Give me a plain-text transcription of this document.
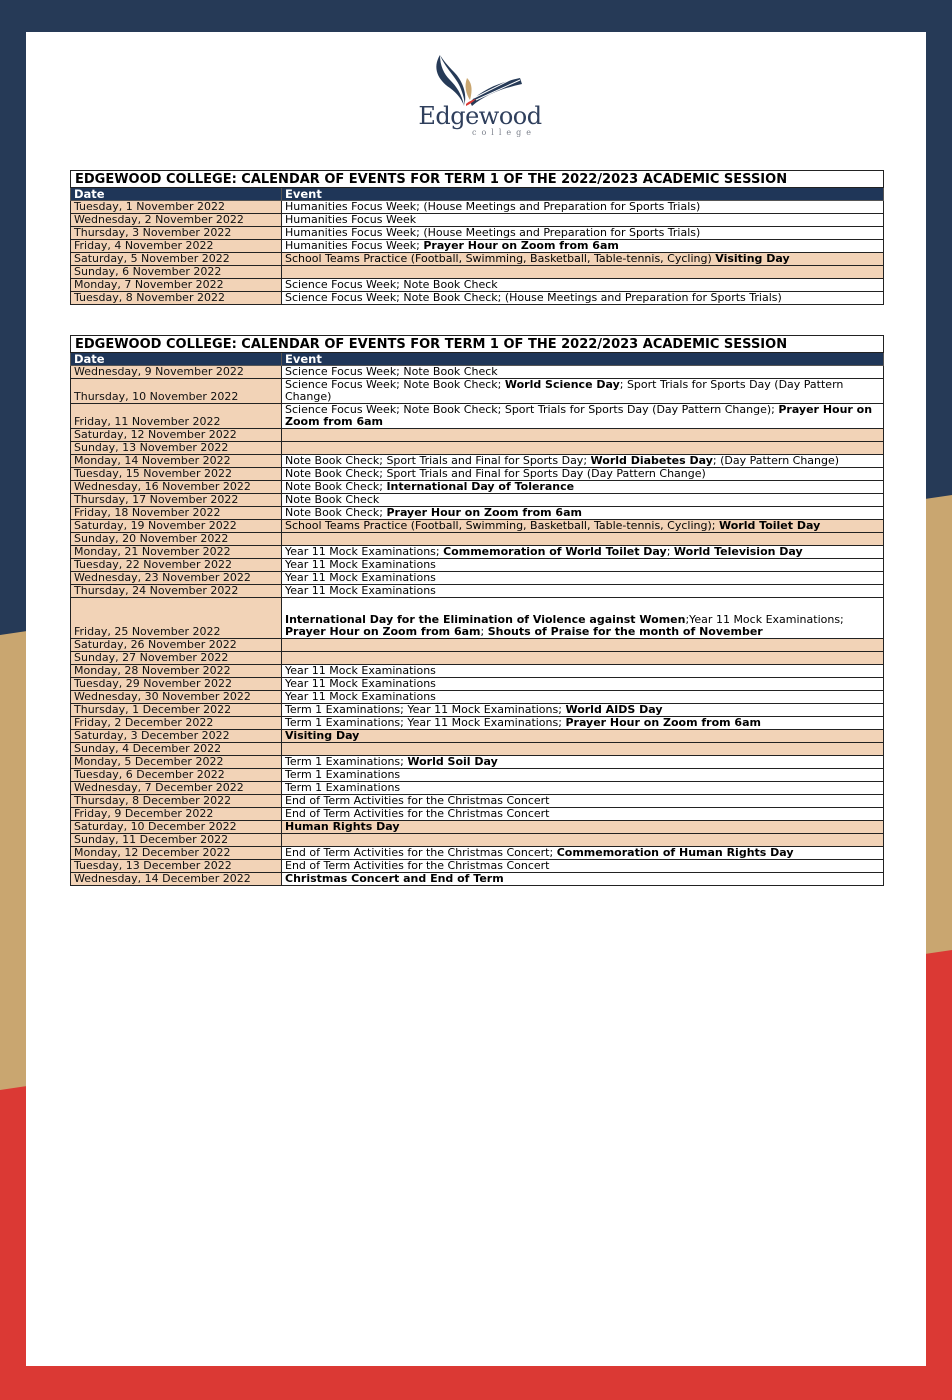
Edgewood
college
EDGEWOOD COLLEGE: CALENDAR OF EVENTS FOR TERM 1 OF THE 2022/2023 ACADEMIC SESSION	
Date	Event
Tuesday, 1 November 2022	Humanities Focus Week; (House Meetings and Preparation for Sports Trials)
Wednesday, 2 November 2022	Humanities Focus Week
Thursday, 3 November 2022	Humanities Focus Week; (House Meetings and Preparation for Sports Trials)
Friday, 4 November 2022	Humanities Focus Week; Prayer Hour on Zoom from 6am
Saturday, 5 November 2022	School Teams Practice (Football, Swimming, Basketball, Table-tennis, Cycling) Visiting Day
Sunday, 6 November 2022	
Monday, 7 November 2022	Science Focus Week; Note Book Check
Tuesday, 8 November 2022	Science Focus Week; Note Book Check; (House Meetings and Preparation for Sports Trials)
EDGEWOOD COLLEGE: CALENDAR OF EVENTS FOR TERM 1 OF THE 2022/2023 ACADEMIC SESSION	
Date	Event
Wednesday, 9 November 2022	Science Focus Week; Note Book Check
Thursday, 10 November 2022	Science Focus Week; Note Book Check; World Science Day; Sport Trials for Sports Day (Day Pattern Change)
Friday, 11 November 2022	Science Focus Week; Note Book Check; Sport Trials for Sports Day (Day Pattern Change); Prayer Hour on Zoom from 6am
Saturday, 12 November 2022	
Sunday, 13 November 2022	
Monday, 14 November 2022	Note Book Check; Sport Trials and Final for Sports Day; World Diabetes Day; (Day Pattern Change)
Tuesday, 15 November 2022	Note Book Check; Sport Trials and Final for Sports Day (Day Pattern Change)
Wednesday, 16 November 2022	Note Book Check; International Day of Tolerance
Thursday, 17 November 2022	Note Book Check
Friday, 18 November 2022	Note Book Check; Prayer Hour on Zoom from 6am
Saturday, 19 November 2022	School Teams Practice (Football, Swimming, Basketball, Table-tennis, Cycling); World Toilet Day
Sunday, 20 November 2022	
Monday, 21 November 2022	Year 11 Mock Examinations; Commemoration of World Toilet Day; World Television Day
Tuesday, 22 November 2022	Year 11 Mock Examinations
Wednesday, 23 November 2022	Year 11 Mock Examinations
Thursday, 24 November 2022	Year 11 Mock Examinations
Friday, 25 November 2022	International Day for the Elimination of Violence against Women;Year 11 Mock Examinations; Prayer Hour on Zoom from 6am; Shouts of Praise for the month of November
Saturday, 26 November 2022	
Sunday, 27 November 2022	
Monday, 28 November 2022	Year 11 Mock Examinations
Tuesday, 29 November 2022	Year 11 Mock Examinations
Wednesday, 30 November 2022	Year 11 Mock Examinations
Thursday, 1 December 2022	Term 1 Examinations; Year 11 Mock Examinations; World AIDS Day
Friday, 2 December 2022	Term 1 Examinations; Year 11 Mock Examinations; Prayer Hour on Zoom from 6am
Saturday, 3 December 2022	Visiting Day
Sunday, 4 December 2022	
Monday, 5 December 2022	Term 1 Examinations; World Soil Day
Tuesday, 6 December 2022	Term 1 Examinations
Wednesday, 7 December 2022	Term 1 Examinations
Thursday, 8 December 2022	End of Term Activities for the Christmas Concert
Friday, 9 December 2022	End of Term Activities for the Christmas Concert
Saturday, 10 December 2022	Human Rights Day
Sunday, 11 December 2022	
Monday, 12 December 2022	End of Term Activities for the Christmas Concert; Commemoration of Human Rights Day
Tuesday, 13 December 2022	End of Term Activities for the Christmas Concert
Wednesday, 14 December 2022	Christmas Concert and End of Term
